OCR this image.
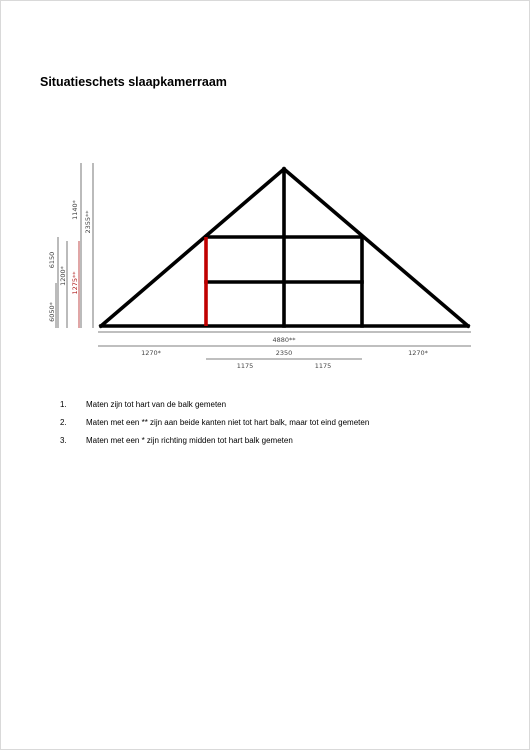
Situatieschets slaapkamerraam
6050*
6150
1200* 1275**
1140*
2355**
4880**
1270*	2350	1270*
1175	1175
1.	Maten zijn tot hart van de balk gemeten
2.	Maten met een ** zijn aan beide kanten niet tot hart balk, maar tot eind gemeten
3.	Maten met een * zijn richting midden tot hart balk gemeten
